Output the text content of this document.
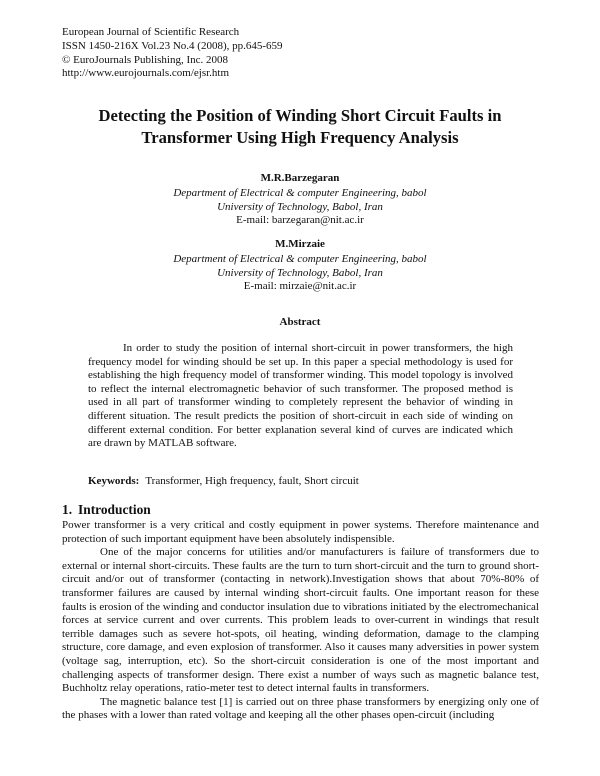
European Journal of Scientific Research
ISSN 1450-216X Vol.23 No.4 (2008), pp.645-659
© EuroJournals Publishing, Inc. 2008
http://www.eurojournals.com/ejsr.htm
Detecting the Position of Winding Short Circuit Faults in
Transformer Using High Frequency Analysis
M.R.Barzegaran
Department of Electrical & computer Engineering, babol
University of Technology, Babol, Iran
E-mail: barzegaran@nit.ac.ir
M.Mirzaie
Department of Electrical & computer Engineering, babol
University of Technology, Babol, Iran
E-mail: mirzaie@nit.ac.ir
Abstract
In order to study the position of internal short-circuit in power transformers, the high frequency model for winding should be set up. In this paper a special methodology is used for establishing the high frequency model of transformer winding. This model topology is involved to reflect the internal electromagnetic behavior of such transformer. The proposed method is used in all part of transformer winding to completely represent the behavior of winding in different situation. The result predicts the position of short-circuit in each side of winding on different external condition. For better explanation several kind of curves are indicated which are drawn by MATLAB software.
Keywords: Transformer, High frequency, fault, Short circuit
1. Introduction

Power transformer is a very critical and costly equipment in power systems. Therefore maintenance and protection of such important equipment have been absolutely indispensible.

One of the major concerns for utilities and/or manufacturers is failure of transformers due to external or internal short-circuits. These faults are the turn to turn short-circuit and the turn to ground short-circuit and/or out of transformer (contacting in network).Investigation shows that about 70%-80% of transformer failures are caused by internal winding short-circuit faults. One important reason for these faults is erosion of the winding and conductor insulation due to vibrations initiated by the electromechanical forces at service current and over currents. This problem leads to over-current in windings that result terrible damages such as severe hot-spots, oil heating, winding deformation, damage to the clamping structure, core damage, and even explosion of transformer. Also it causes many adversities in power system (voltage sag, interruption, etc). So the short-circuit consideration is one of the most important and challenging aspects of transformer design. There exist a number of ways such as magnetic balance test, Buchholtz relay operations, ratio-meter test to detect internal faults in transformers.

The magnetic balance test [1] is carried out on three phase transformers by energizing only one of the phases with a lower than rated voltage and keeping all the other phases open-circuit (including
